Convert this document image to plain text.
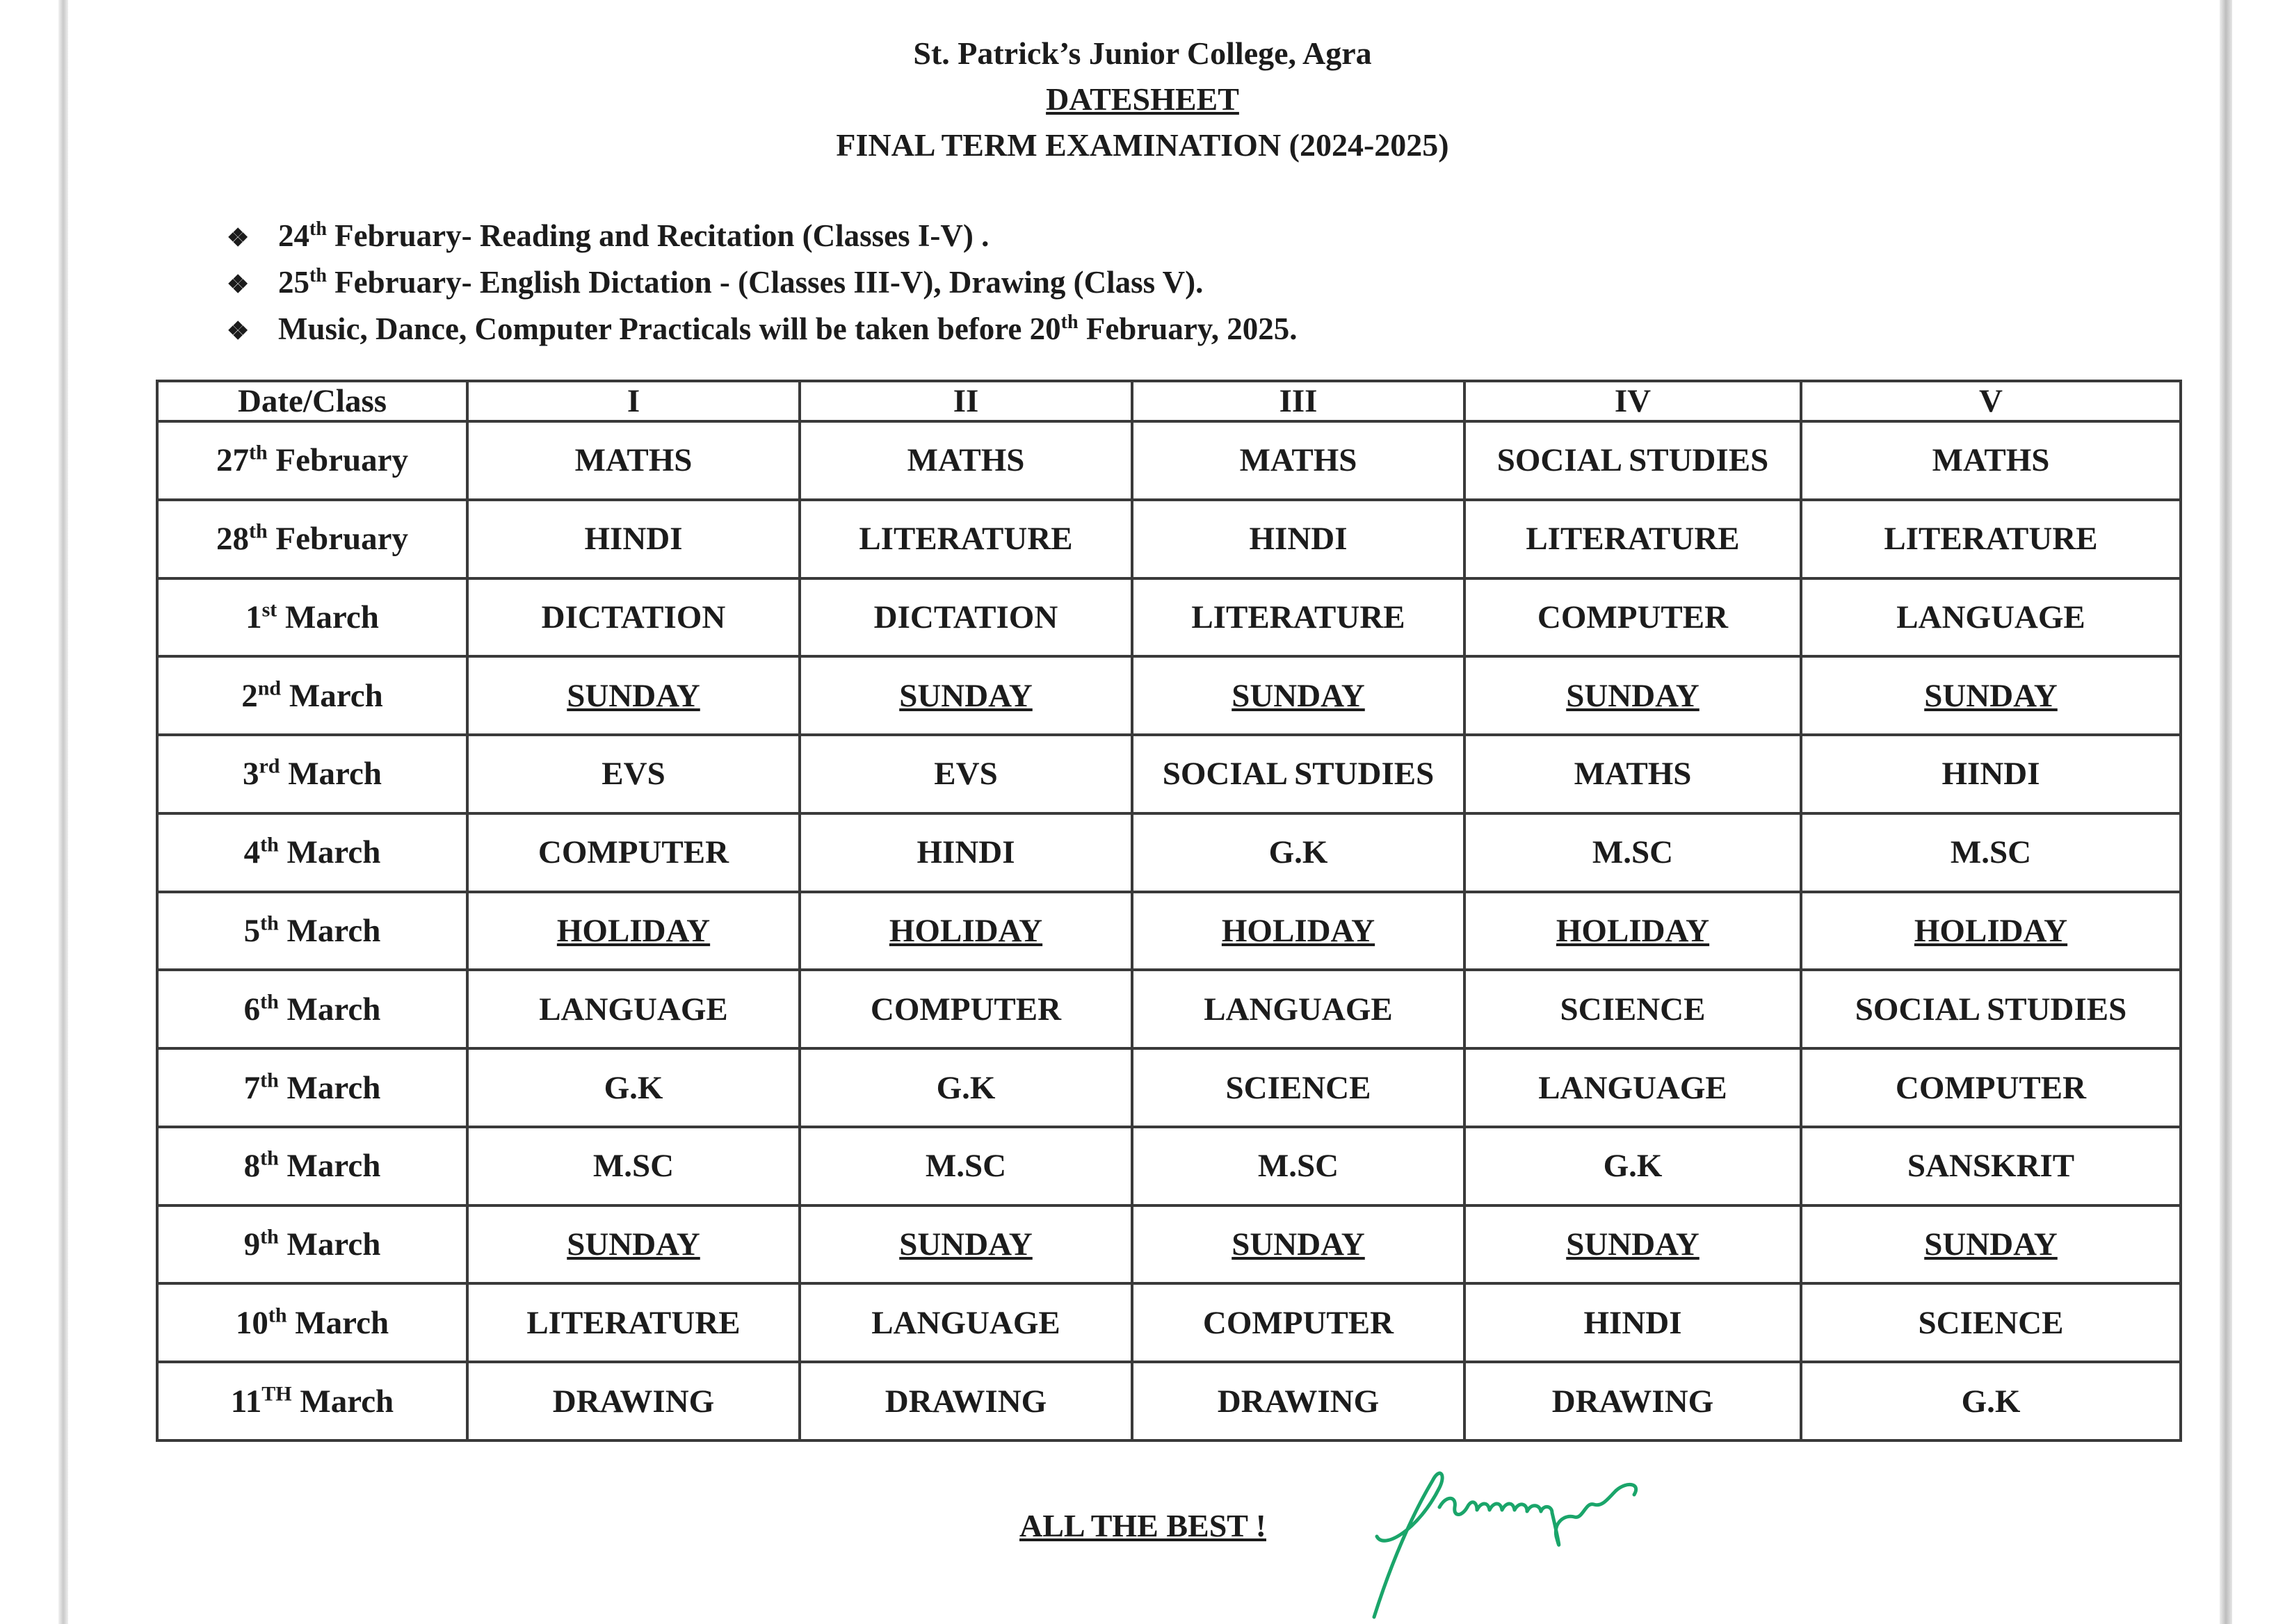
St. Patrick’s Junior College, Agra
DATESHEET
FINAL TERM EXAMINATION (2024-2025)
❖ 24th February- Reading and Recitation (Classes I-V) .
❖ 25th February- English Dictation - (Classes III-V), Drawing (Class V).
❖ Music, Dance, Computer Practicals will be taken before 20th February, 2025.
Date/Class	I	II	III	IV	V
27th February	MATHS	MATHS	MATHS	SOCIAL STUDIES	MATHS
28th February	HINDI	LITERATURE	HINDI	LITERATURE	LITERATURE
1st March	DICTATION	DICTATION	LITERATURE	COMPUTER	LANGUAGE
2nd March	SUNDAY	SUNDAY	SUNDAY	SUNDAY	SUNDAY
3rd March	EVS	EVS	SOCIAL STUDIES	MATHS	HINDI
4th March	COMPUTER	HINDI	G.K	M.SC	M.SC
5th March	HOLIDAY	HOLIDAY	HOLIDAY	HOLIDAY	HOLIDAY
6th March	LANGUAGE	COMPUTER	LANGUAGE	SCIENCE	SOCIAL STUDIES
7th March	G.K	G.K	SCIENCE	LANGUAGE	COMPUTER
8th March	M.SC	M.SC	M.SC	G.K	SANSKRIT
9th March	SUNDAY	SUNDAY	SUNDAY	SUNDAY	SUNDAY
10th March	LITERATURE	LANGUAGE	COMPUTER	HINDI	SCIENCE
11TH March	DRAWING	DRAWING	DRAWING	DRAWING	G.K
ALL THE BEST !
